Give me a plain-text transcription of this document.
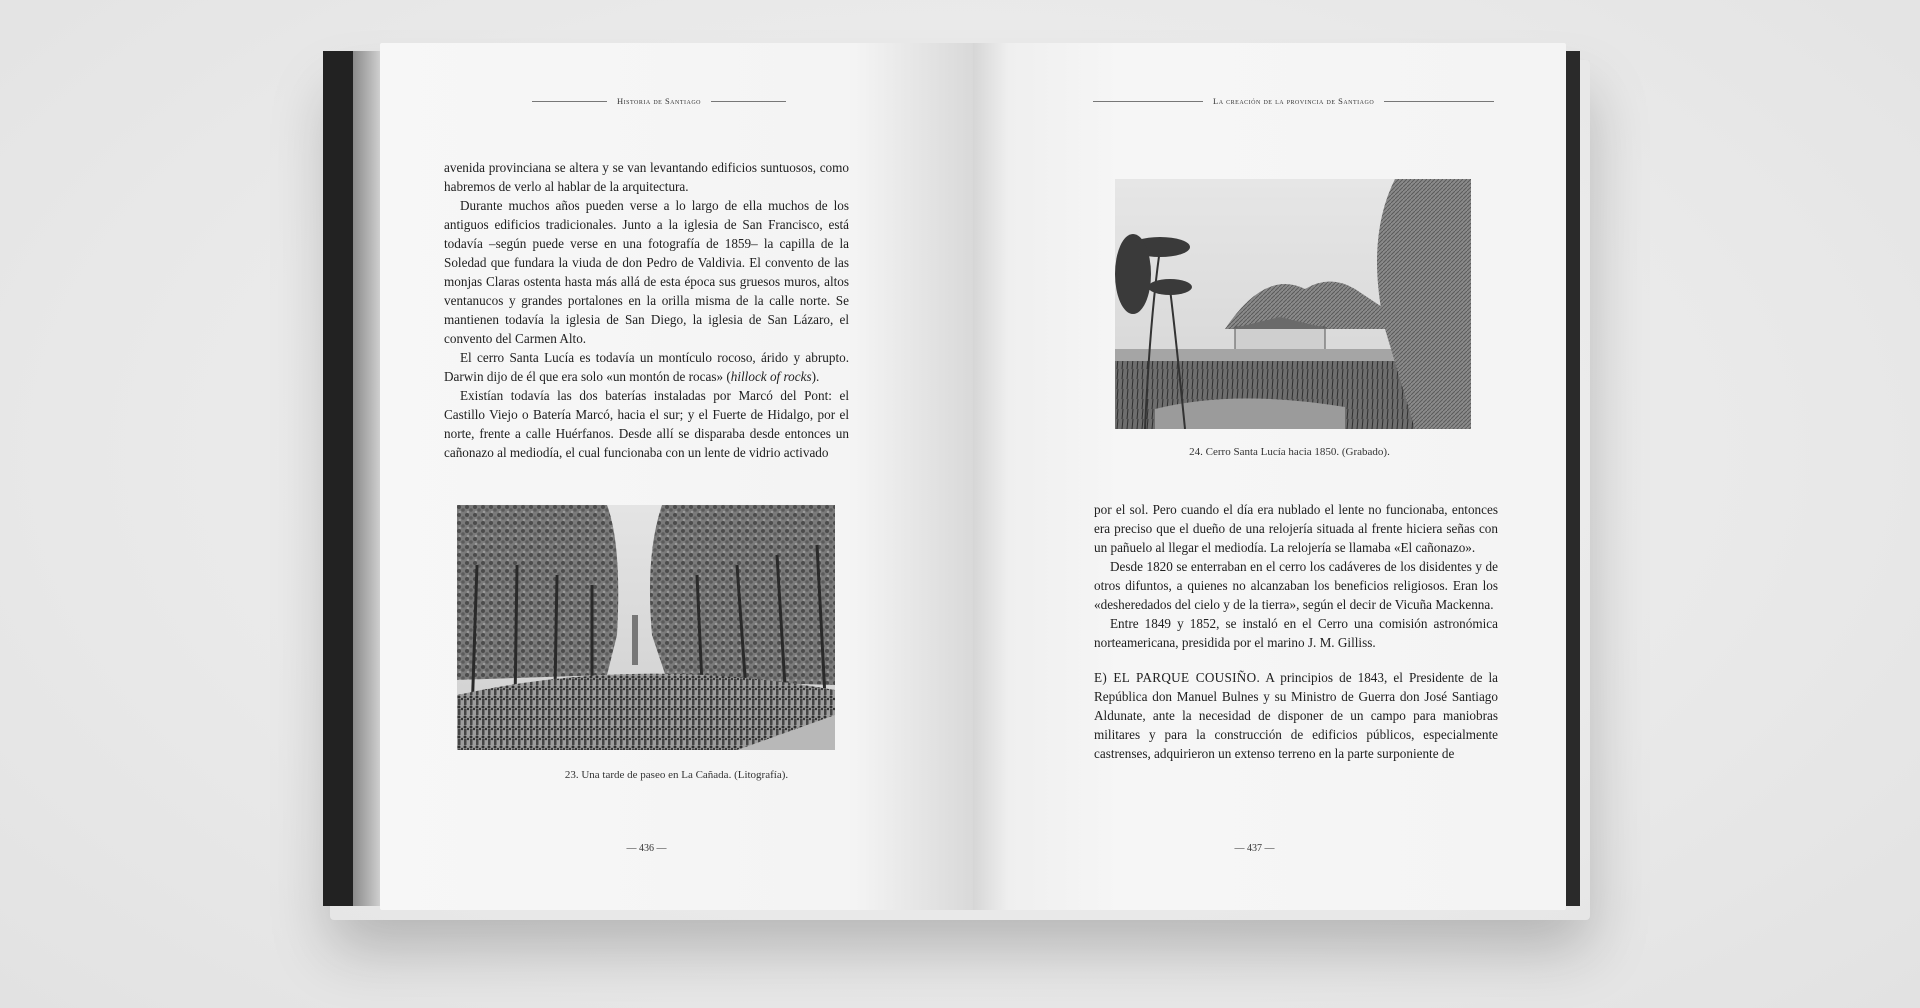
Historia de Santiago

avenida provinciana se altera y se van levantando edificios suntuosos, como habremos de verlo al hablar de la arquitectura.

Durante muchos años pueden verse a lo largo de ella muchos de los antiguos edificios tradicionales. Junto a la iglesia de San Francisco, está todavía –según puede verse en una fotografía de 1859– la capilla de la Soledad que fundara la viuda de don Pedro de Valdivia. El convento de las monjas Claras ostenta hasta más allá de esta época sus gruesos muros, altos ventanucos y grandes portalones en la orilla misma de la calle norte. Se mantienen todavía la iglesia de San Diego, la iglesia de San Lázaro, el convento del Carmen Alto.

El cerro Santa Lucía es todavía un montículo rocoso, árido y abrupto. Darwin dijo de él que era solo «un montón de rocas» (hillock of rocks).

Existían todavía las dos baterías instaladas por Marcó del Pont: el Castillo Viejo o Batería Marcó, hacia el sur; y el Fuerte de Hidalgo, por el norte, frente a calle Huérfanos. Desde allí se disparaba desde entonces un cañonazo al mediodía, el cual funcionaba con un lente de vidrio activado

23. Una tarde de paseo en La Cañada. (Litografía).
— 436 —
La creación de la provincia de Santiago
24. Cerro Santa Lucía hacia 1850. (Grabado).

por el sol. Pero cuando el día era nublado el lente no funcionaba, entonces era preciso que el dueño de una relojería situada al frente hiciera señas con un pañuelo al llegar el mediodía. La relojería se llamaba «El cañonazo».

Desde 1820 se enterraban en el cerro los cadáveres de los disidentes y de otros difuntos, a quienes no alcanzaban los beneficios religiosos. Eran los «desheredados del cielo y de la tierra», según el decir de Vicuña Mackenna.

Entre 1849 y 1852, se instaló en el Cerro una comisión astronómica norteamericana, presidida por el marino J. M. Gilliss.

E) EL PARQUE COUSIÑO. A principios de 1843, el Presidente de la República don Manuel Bulnes y su Ministro de Guerra don José Santiago Aldunate, ante la necesidad de disponer de un campo para maniobras militares y para la construcción de edificios públicos, especialmente castrenses, adquirieron un extenso terreno en la parte surponiente de

— 437 —
